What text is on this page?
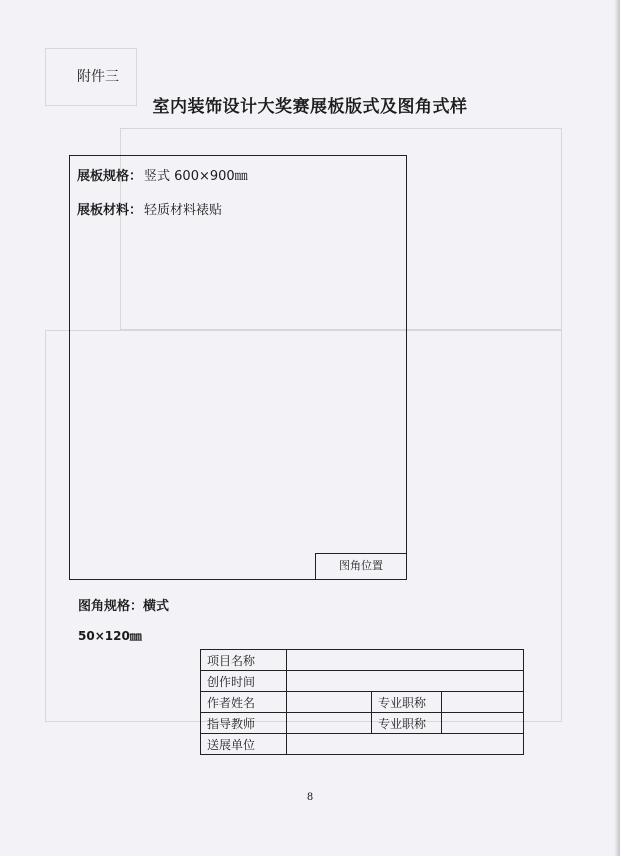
附件三
室内装饰设计大奖赛展板版式及图角式样
展板规格： 竖式 600×900㎜
展板材料： 轻质材料裱贴
图角位置
图角规格：横式
50×120㎜
项目名称			
创作时间			
作者姓名		专业职称	
指导教师		专业职称	
送展单位			
8
